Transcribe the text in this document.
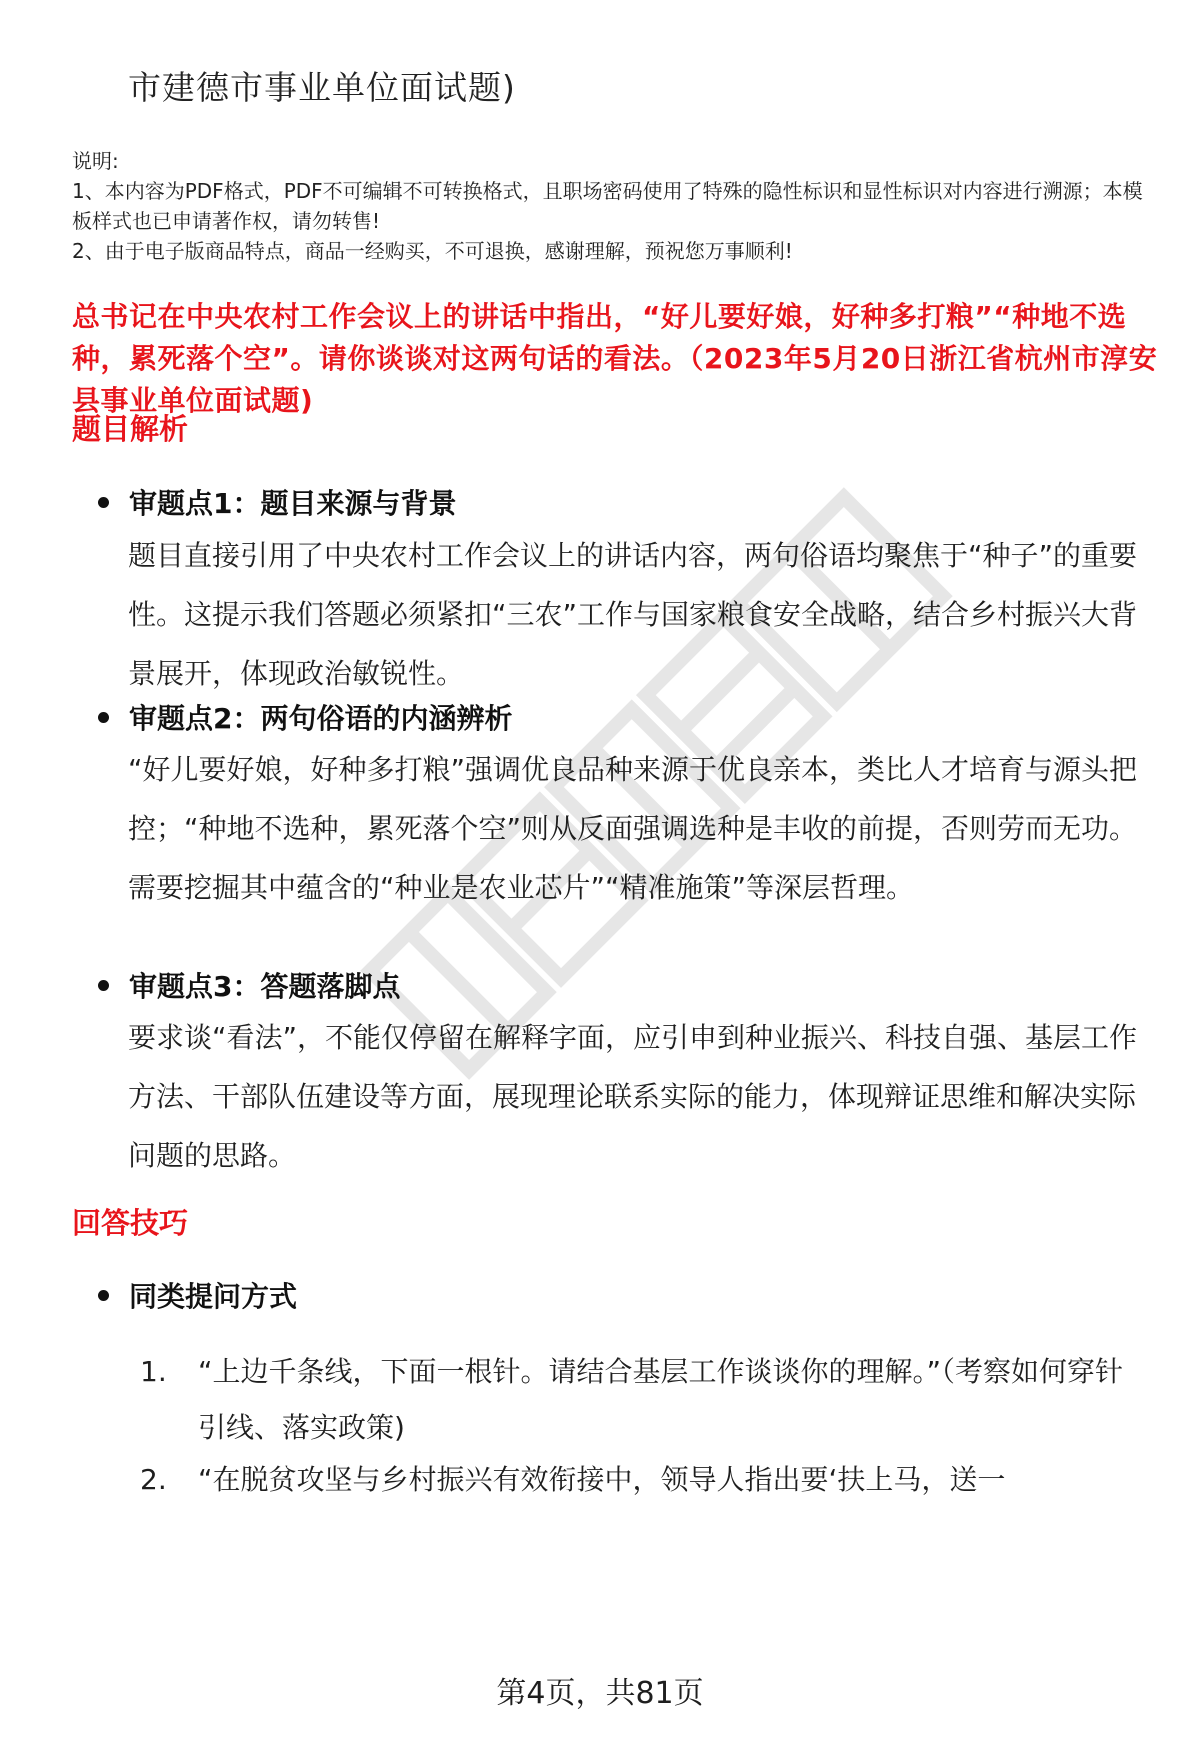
市建德市事业单位面试题)

说明:

1、本内容为PDF格式，PDF不可编辑不可转换格式，且职场密码使用了特殊的隐性标识和显性标识对内容进行溯源；本模板样式也已申请著作权，请勿转售!

2、由于电子版商品特点，商品一经购买，不可退换，感谢理解，预祝您万事顺利!

总书记在中央农村工作会议上的讲话中指出，“好儿要好娘，好种多打粮”“种地不选种，累死落个空”。请你谈谈对这两句话的看法。（2023年5月20日浙江省杭州市淳安县事业单位面试题)
题目解析
审题点1：题目来源与背景

题目直接引用了中央农村工作会议上的讲话内容，两句俗语均聚焦于“种子”的重要性。这提示我们答题必须紧扣“三农”工作与国家粮食安全战略，结合乡村振兴大背景展开，体现政治敏锐性。

审题点2：两句俗语的内涵辨析

“好儿要好娘，好种多打粮”强调优良品种来源于优良亲本，类比人才培育与源头把控；“种地不选种，累死落个空”则从反面强调选种是丰收的前提，否则劳而无功。需要挖掘其中蕴含的“种业是农业芯片”“精准施策”等深层哲理。

审题点3：答题落脚点

要求谈“看法”，不能仅停留在解释字面，应引申到种业振兴、科技自强、基层工作方法、干部队伍建设等方面，展现理论联系实际的能力，体现辩证思维和解决实际问题的思路。

回答技巧
同类提问方式
1.	“上边千条线，下面一根针。请结合基层工作谈谈你的理解。”（考察如何穿针引线、落实政策)
2.	“在脱贫攻坚与乡村振兴有效衔接中，领导人指出要‘扶上马，送一
第4页，共81页
